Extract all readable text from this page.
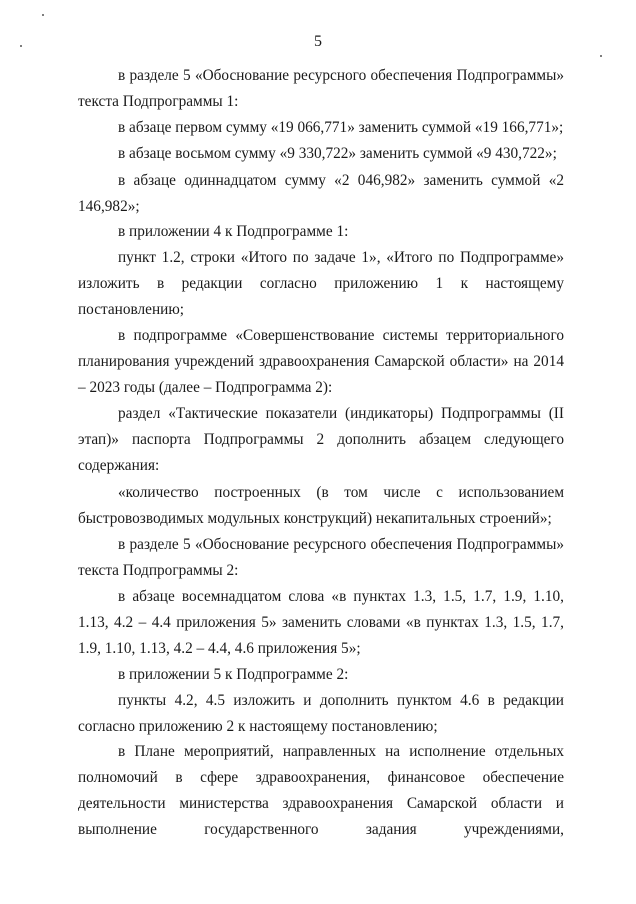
5

в разделе 5 «Обоснование ресурсного обеспечения Подпрограммы» текста Подпрограммы 1:

в абзаце первом сумму «19 066,771» заменить суммой «19 166,771»;

в абзаце восьмом сумму «9 330,722» заменить суммой «9 430,722»;

в абзаце одиннадцатом сумму «2 046,982» заменить суммой «2 146,982»;

в приложении 4 к Подпрограмме 1:

пункт 1.2, строки «Итого по задаче 1», «Итого по Подпрограмме» изложить в редакции согласно приложению 1 к настоящему постановлению;

в подпрограмме «Совершенствование системы территориального планирования учреждений здравоохранения Самарской области» на 2014 – 2023 годы (далее – Подпрограмма 2):

раздел «Тактические показатели (индикаторы) Подпрограммы (II этап)» паспорта Подпрограммы 2 дополнить абзацем следующего содержания:

«количество построенных (в том числе с использованием быстровозводимых модульных конструкций) некапитальных строений»;

в разделе 5 «Обоснование ресурсного обеспечения Подпрограммы» текста Подпрограммы 2:

в абзаце восемнадцатом слова «в пунктах 1.3, 1.5, 1.7, 1.9, 1.10, 1.13, 4.2 – 4.4 приложения 5» заменить словами «в пунктах 1.3, 1.5, 1.7, 1.9, 1.10, 1.13, 4.2 – 4.4, 4.6 приложения 5»;

в приложении 5 к Подпрограмме 2:

пункты 4.2, 4.5 изложить и дополнить пунктом 4.6 в редакции согласно приложению 2 к настоящему постановлению;

в Плане мероприятий, направленных на исполнение отдельных полномочий в сфере здравоохранения, финансовое обеспечение деятельности министерства здравоохранения Самарской области и выполнение государственного задания учреждениями,
